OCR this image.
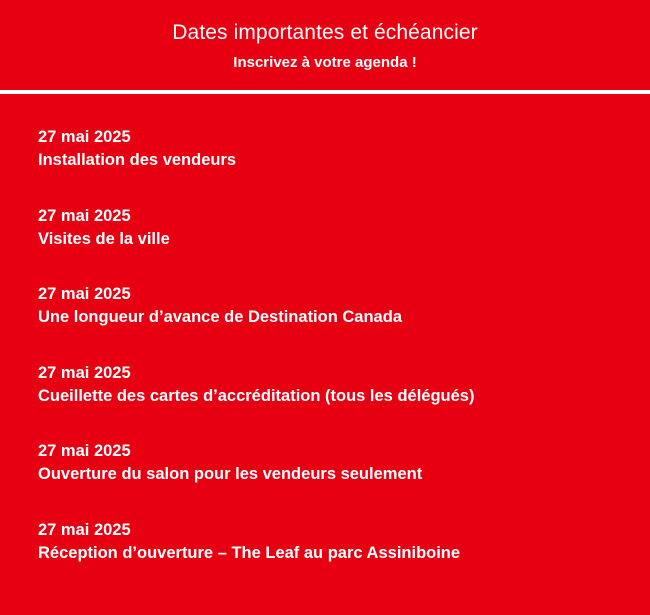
Dates importantes et échéancier
Inscrivez à votre agenda !
27 mai 2025
Installation des vendeurs
27 mai 2025
Visites de la ville
27 mai 2025
Une longueur d’avance de Destination Canada
27 mai 2025
Cueillette des cartes d’accréditation (tous les délégués)
27 mai 2025
Ouverture du salon pour les vendeurs seulement
27 mai 2025
Réception d’ouverture – The Leaf au parc Assiniboine
